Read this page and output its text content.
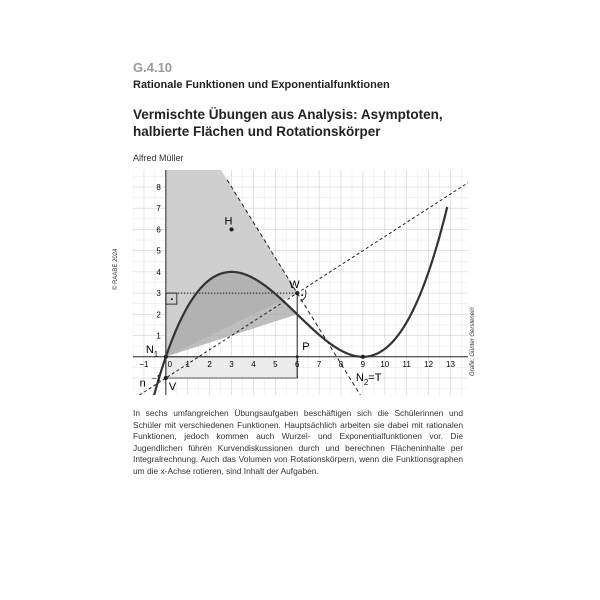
G.4.10
Rationale Funktionen und Exponentialfunktionen
Vermischte Übungen aus Analysis: Asymptoten, halbierte Flächen und Rotationskörper
Alfred Müller
© RAABE 2024
Grafik: Günter Gerstenein
−1 0 1 2 3 4 5 6 7 8 9 10 11 12 13
1
2
3
4
5
6
7
8
−1
H
W
$N_1$
P
$N_2=T$
V
n
In sechs umfangreichen Übungsaufgaben beschäftigen sich die Schülerinnen und Schüler mit verschiedenen Funktionen. Hauptsächlich arbeiten sie dabei mit rationalen Funktionen, jedoch kommen auch Wurzel- und Exponentialfunktionen vor. Die Jugendlichen führen Kurvendiskussionen durch und berechnen Flächeninhalte per Integralrechnung. Auch das Volumen von Rotationskörpern, wenn die Funktionsgraphen um die x-Achse rotieren, sind Inhalt der Aufgaben.
